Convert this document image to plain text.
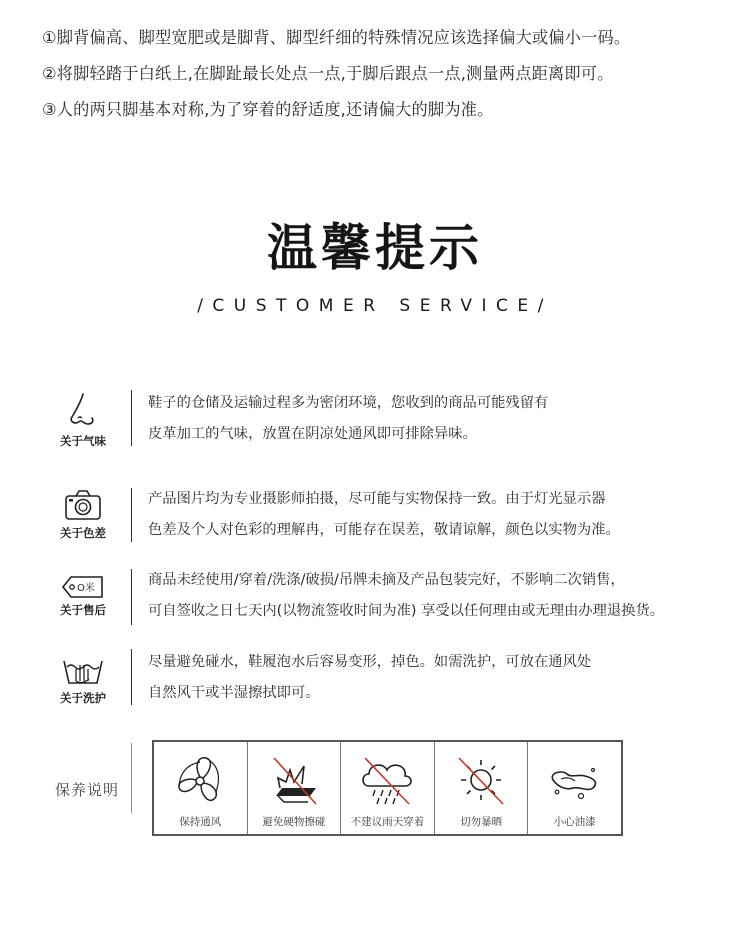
①脚背偏高、脚型宽肥或是脚背、脚型纤细的特殊情况应该选择偏大或偏小一码。
②将脚轻踏于白纸上,在脚趾最长处点一点,于脚后跟点一点,测量两点距离即可。
③人的两只脚基本对称,为了穿着的舒适度,还请偏大的脚为准。
温馨提示
/CUSTOMER SERVICE/
关于气味
鞋子的仓储及运输过程多为密闭环境，您收到的商品可能残留有
皮革加工的气味，放置在阴凉处通风即可排除异味。
关于色差
产品图片均为专业摄影师拍摄，尽可能与实物保持一致。由于灯光显示器
色差及个人对色彩的理解冉，可能存在误差，敬请谅解，颜色以实物为准。
O米
关于售后
商品未经使用/穿着/洗涤/破损/吊牌未摘及产品包装完好，不影响二次销售，
可自签收之日七天内(以物流签收时间为准) 享受以任何理由或无理由办理退换货。
关于洗护
尽量避免碰水，鞋履泡水后容易变形，掉色。如需洗护，可放在通风处
自然风干或半湿擦拭即可。
保养说明
保持通风	避免硬物擦碰	不建议雨天穿着	切勿暴晒	小心油漆
